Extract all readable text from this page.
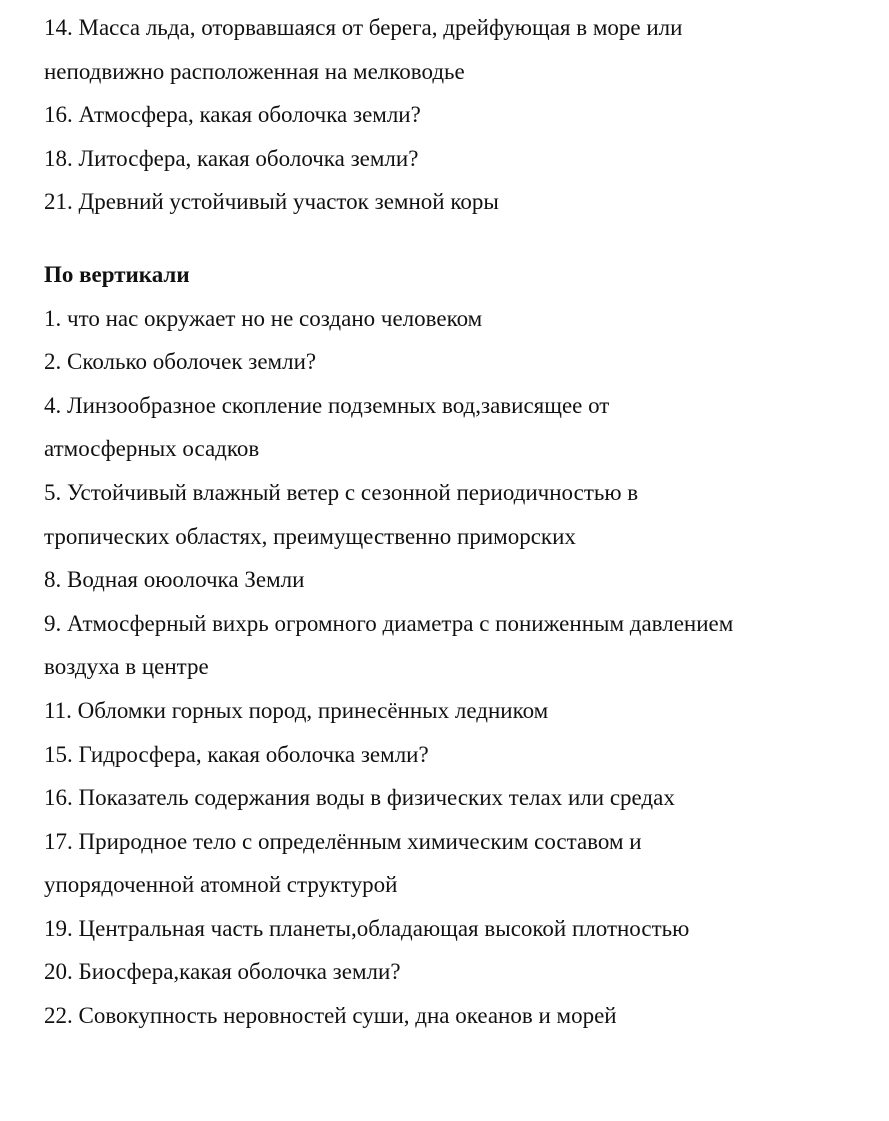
14. Масса льда, оторвавшаяся от берега, дрейфующая в море или
неподвижно расположенная на мелководье
16. Атмосфера, какая оболочка земли?
18. Литосфера, какая оболочка земли?
21. Древний устойчивый участок земной коры
По вертикали
1. что нас окружает но не создано человеком
2. Сколько оболочек земли?
4. Линзообразное скопление подземных вод,зависящее от
атмосферных осадков
5. Устойчивый влажный ветер с сезонной периодичностью в
тропических областях, преимущественно приморских
8. Водная оюолочка Земли
9. Атмосферный вихрь огромного диаметра с пониженным давлением
воздуха в центре
11. Обломки горных пород, принесённых ледником
15. Гидросфера, какая оболочка земли?
16. Показатель содержания воды в физических телах или средах
17. Природное тело с определённым химическим составом и
упорядоченной атомной структурой
19. Центральная часть планеты,обладающая высокой плотностью
20. Биосфера,какая оболочка земли?
22. Совокупность неровностей суши, дна океанов и морей
